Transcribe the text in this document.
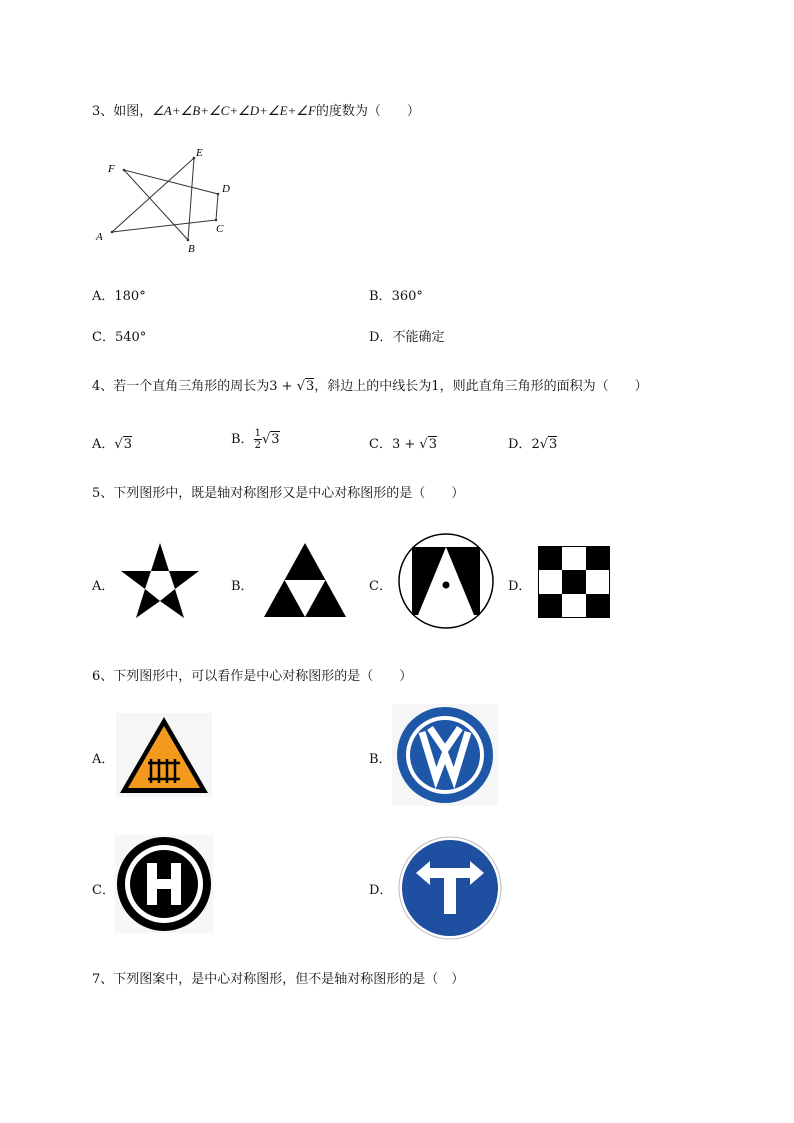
3、如图，∠A+∠B+∠C+∠D+∠E+∠F的度数为（　　）
A
B
C
D
E
F
A．180°	B．360°
C．540°	D．不能确定
4、若一个直角三角形的周长为3 + √3，斜边上的中线长为1，则此直角三角形的面积为（　　）
A．√3	B． $\frac{1}{2} √3$	C．3 + √3	D．2√3
5、下列图形中，既是轴对称图形又是中心对称图形的是（　　）
A．	B．	C．	D．
6、下列图形中，可以看作是中心对称图形的是（　　）
A．	B．
C．	D．
7、下列图案中，是中心对称图形，但不是轴对称图形的是（　）
